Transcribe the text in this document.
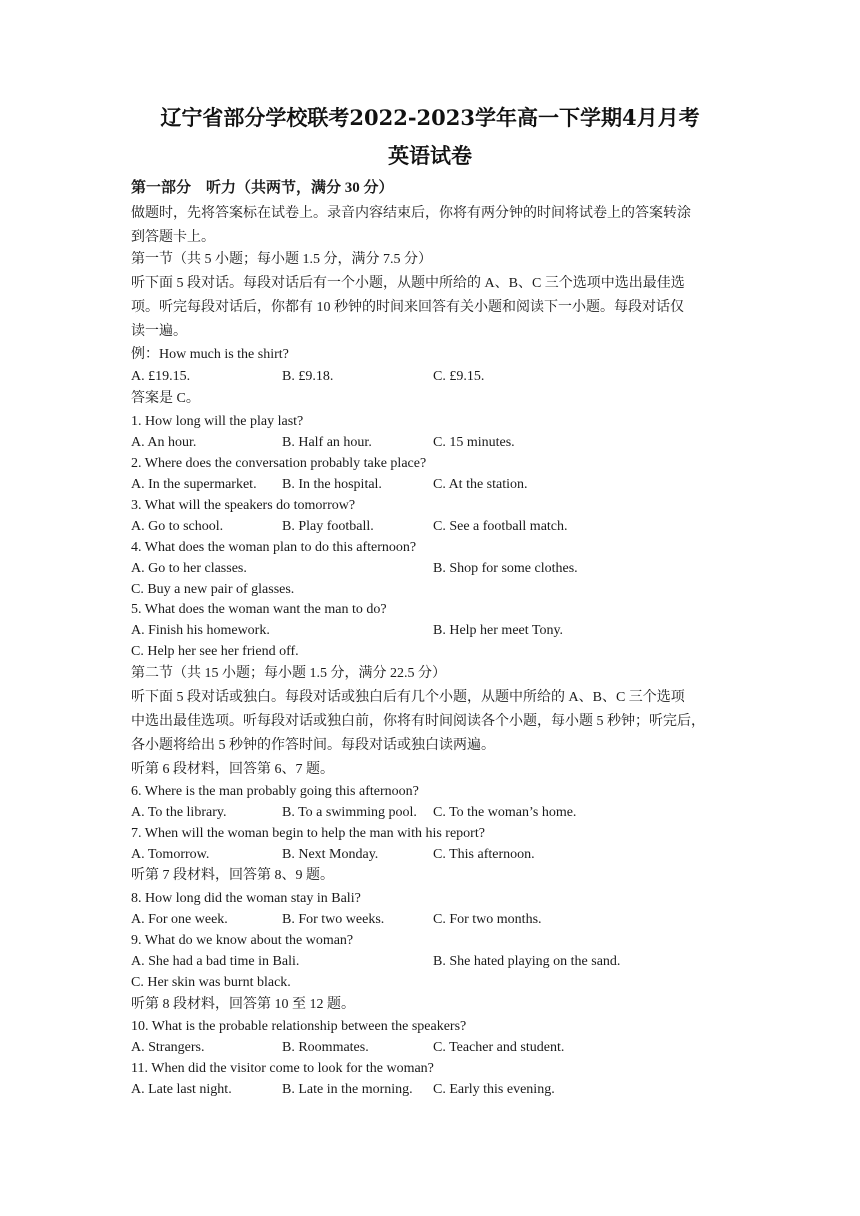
辽宁省部分学校联考2022-2023学年高一下学期4月月考
英语试卷
第一部分　听力（共两节，满分 30 分）
做题时，先将答案标在试卷上。录音内容结束后，你将有两分钟的时间将试卷上的答案转涂
到答题卡上。
第一节（共 5 小题；每小题 1.5 分，满分 7.5 分）
听下面 5 段对话。每段对话后有一个小题，从题中所给的 A、B、C 三个选项中选出最佳选
项。听完每段对话后，你都有 10 秒钟的时间来回答有关小题和阅读下一小题。每段对话仅
读一遍。
例：How much is the shirt?
A. £19.15.	B. £9.18.	C. £9.15.
答案是 C。
1. How long will the play last?
A. An hour.	B. Half an hour.	C. 15 minutes.
2. Where does the conversation probably take place?
A. In the supermarket. B. In the hospital.	C. At the station.
3. What will the speakers do tomorrow?
A. Go to school.	B. Play football.	C. See a football match.
4. What does the woman plan to do this afternoon?
A. Go to her classes.	B. Shop for some clothes.
C. Buy a new pair of glasses.
5. What does the woman want the man to do?
A. Finish his homework.	B. Help her meet Tony.
C. Help her see her friend off.
第二节（共 15 小题；每小题 1.5 分，满分 22.5 分）
听下面 5 段对话或独白。每段对话或独白后有几个小题，从题中所给的 A、B、C 三个选项
中选出最佳选项。听每段对话或独白前，你将有时间阅读各个小题，每小题 5 秒钟；听完后，
各小题将给出 5 秒钟的作答时间。每段对话或独白读两遍。
听第 6 段材料，回答第 6、7 题。
6. Where is the man probably going this afternoon?
A. To the library.	B. To a swimming pool. C. To the woman’s home.
7. When will the woman begin to help the man with his report?
A. Tomorrow.	B. Next Monday.	C. This afternoon.
听第 7 段材料，回答第 8、9 题。
8. How long did the woman stay in Bali?
A. For one week.	B. For two weeks.	C. For two months.
9. What do we know about the woman?
A. She had a bad time in Bali.	B. She hated playing on the sand.
C. Her skin was burnt black.
听第 8 段材料，回答第 10 至 12 题。
10. What is the probable relationship between the speakers?
A. Strangers.	B. Roommates.	C. Teacher and student.
11. When did the visitor come to look for the woman?
A. Late last night.	B. Late in the morning. C. Early this evening.
